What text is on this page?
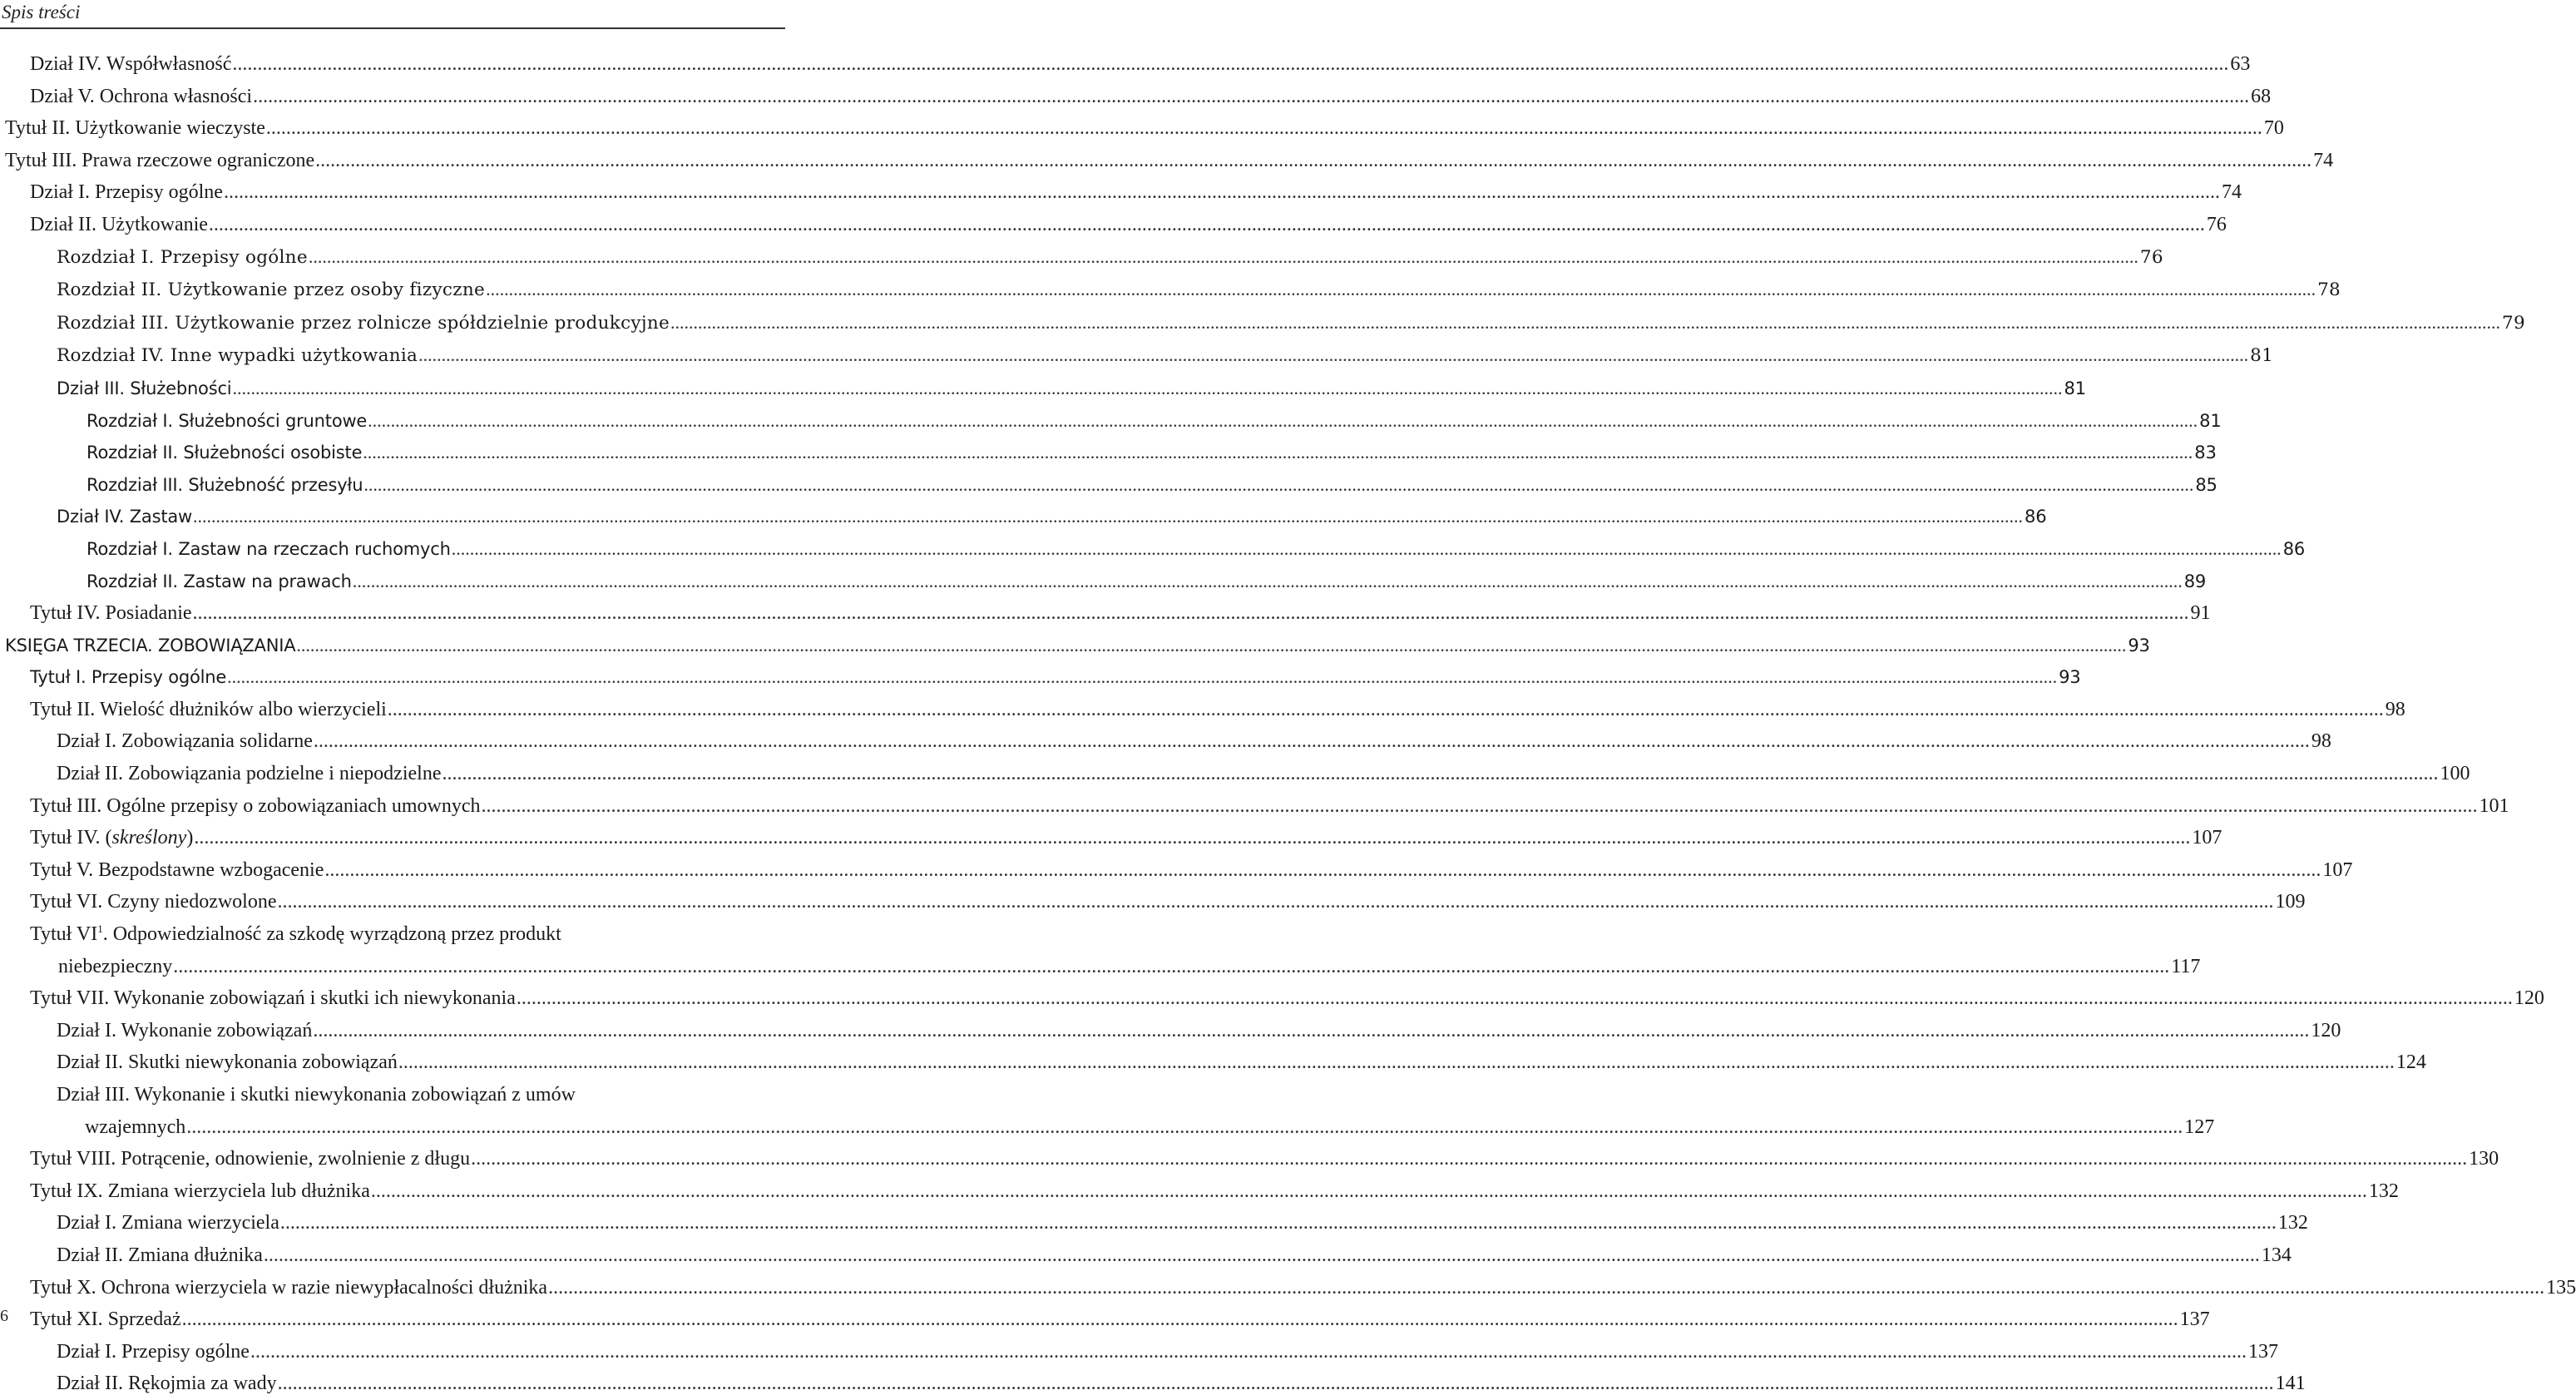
Spis treści
Dział IV. Współwłasność ................................................................................................................................................................................................................................................................................................................................................................................................................ 63
Dział V. Ochrona własności ................................................................................................................................................................................................................................................................................................................................................................................................................ 68
Tytuł II. Użytkowanie wieczyste ................................................................................................................................................................................................................................................................................................................................................................................................................ 70
Tytuł III. Prawa rzeczowe ograniczone ................................................................................................................................................................................................................................................................................................................................................................................................................ 74
Dział I. Przepisy ogólne ................................................................................................................................................................................................................................................................................................................................................................................................................ 74
Dział II. Użytkowanie ................................................................................................................................................................................................................................................................................................................................................................................................................ 76
Rozdział I. Przepisy ogólne ................................................................................................................................................................................................................................................................................................................................................................................................................ 76
Rozdział II. Użytkowanie przez osoby fizyczne ................................................................................................................................................................................................................................................................................................................................................................................................................ 78
Rozdział III. Użytkowanie przez rolnicze spółdzielnie produkcyjne ................................................................................................................................................................................................................................................................................................................................................................................................................ 79
Rozdział IV. Inne wypadki użytkowania ................................................................................................................................................................................................................................................................................................................................................................................................................ 81
Dział III. Służebności ................................................................................................................................................................................................................................................................................................................................................................................................................ 81
Rozdział I. Służebności gruntowe ................................................................................................................................................................................................................................................................................................................................................................................................................ 81
Rozdział II. Służebności osobiste ................................................................................................................................................................................................................................................................................................................................................................................................................ 83
Rozdział III. Służebność przesyłu ................................................................................................................................................................................................................................................................................................................................................................................................................ 85
Dział IV. Zastaw ................................................................................................................................................................................................................................................................................................................................................................................................................ 86
Rozdział I. Zastaw na rzeczach ruchomych ................................................................................................................................................................................................................................................................................................................................................................................................................ 86
Rozdział II. Zastaw na prawach ................................................................................................................................................................................................................................................................................................................................................................................................................ 89
Tytuł IV. Posiadanie ................................................................................................................................................................................................................................................................................................................................................................................................................ 91
KSIĘGA TRZECIA. ZOBOWIĄZANIA ................................................................................................................................................................................................................................................................................................................................................................................................................ 93
Tytuł I. Przepisy ogólne ................................................................................................................................................................................................................................................................................................................................................................................................................ 93
Tytuł II. Wielość dłużników albo wierzycieli ................................................................................................................................................................................................................................................................................................................................................................................................................ 98
Dział I. Zobowiązania solidarne ................................................................................................................................................................................................................................................................................................................................................................................................................ 98
Dział II. Zobowiązania podzielne i niepodzielne ................................................................................................................................................................................................................................................................................................................................................................................................................ 100
Tytuł III. Ogólne przepisy o zobowiązaniach umownych ................................................................................................................................................................................................................................................................................................................................................................................................................ 101
Tytuł IV. (skreślony) ................................................................................................................................................................................................................................................................................................................................................................................................................ 107
Tytuł V. Bezpodstawne wzbogacenie ................................................................................................................................................................................................................................................................................................................................................................................................................ 107
Tytuł VI. Czyny niedozwolone ................................................................................................................................................................................................................................................................................................................................................................................................................ 109
Tytuł $VI^1$. Odpowiedzialność za szkodę wyrządzoną przez produkt
niebezpieczny ................................................................................................................................................................................................................................................................................................................................................................................................................ 117
Tytuł VII. Wykonanie zobowiązań i skutki ich niewykonania ................................................................................................................................................................................................................................................................................................................................................................................................................ 120
Dział I. Wykonanie zobowiązań ................................................................................................................................................................................................................................................................................................................................................................................................................ 120
Dział II. Skutki niewykonania zobowiązań ................................................................................................................................................................................................................................................................................................................................................................................................................ 124
Dział III. Wykonanie i skutki niewykonania zobowiązań z umów
wzajemnych ................................................................................................................................................................................................................................................................................................................................................................................................................ 127
Tytuł VIII. Potrącenie, odnowienie, zwolnienie z długu ................................................................................................................................................................................................................................................................................................................................................................................................................ 130
Tytuł IX. Zmiana wierzyciela lub dłużnika ................................................................................................................................................................................................................................................................................................................................................................................................................ 132
Dział I. Zmiana wierzyciela ................................................................................................................................................................................................................................................................................................................................................................................................................ 132
Dział II. Zmiana dłużnika ................................................................................................................................................................................................................................................................................................................................................................................................................ 134
Tytuł X. Ochrona wierzyciela w razie niewypłacalności dłużnika ................................................................................................................................................................................................................................................................................................................................................................................................................ 135
Tytuł XI. Sprzedaż ................................................................................................................................................................................................................................................................................................................................................................................................................ 137
Dział I. Przepisy ogólne ................................................................................................................................................................................................................................................................................................................................................................................................................ 137
Dział II. Rękojmia za wady ................................................................................................................................................................................................................................................................................................................................................................................................................ 141
6
